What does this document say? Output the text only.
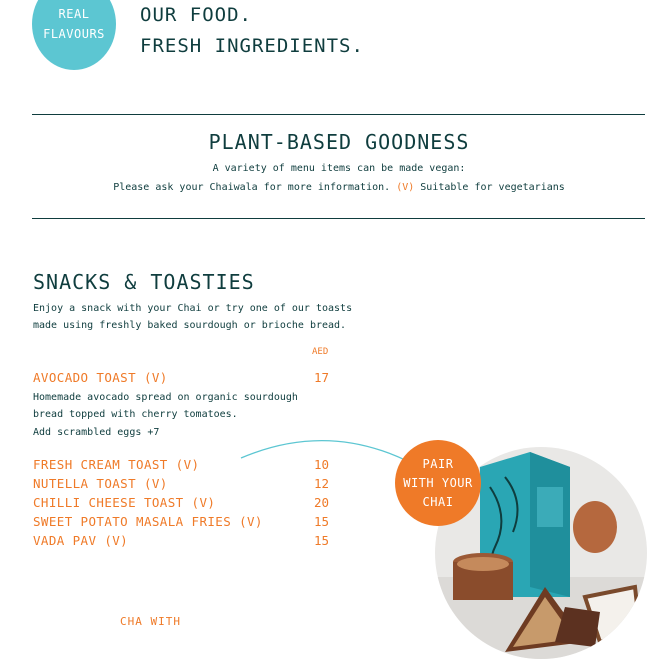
REAL
FLAVOURS
OUR FOOD.
FRESH INGREDIENTS.
PLANT-BASED GOODNESS
A variety of menu items can be made vegan:
Please ask your Chaiwala for more information. (V) Suitable for vegetarians
SNACKS & TOASTIES
Enjoy a snack with your Chai or try one of our toasts
made using freshly baked sourdough or brioche bread.
AED
AVOCADO TOAST (V)	17
Homemade avocado spread on organic sourdough
bread topped with cherry tomatoes.
Add scrambled eggs +7
FRESH CREAM TOAST (V)	10
NUTELLA TOAST (V)	12
CHILLI CHEESE TOAST (V)	20
SWEET POTATO MASALA FRIES (V)	15
VADA PAV (V)	15
PAIR
WITH YOUR
CHAI
CHA WITH
